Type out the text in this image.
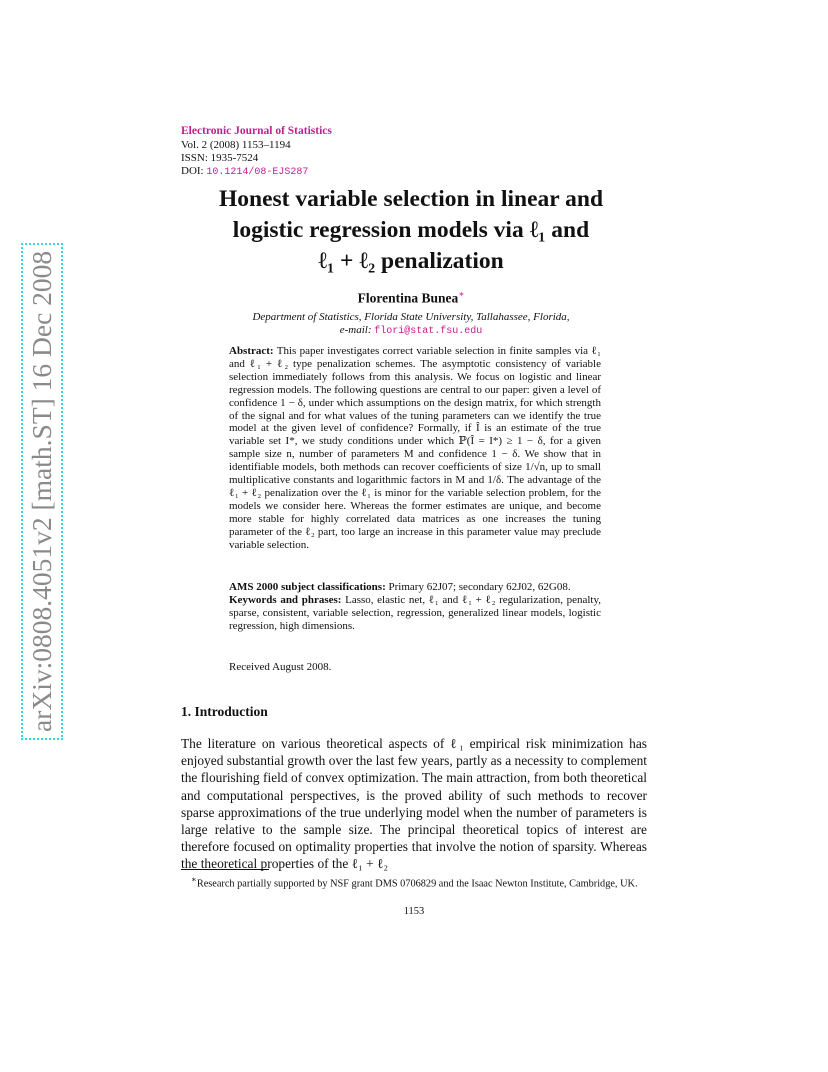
arXiv:0808.4051v2 [math.ST] 16 Dec 2008
Electronic Journal of Statistics
Vol. 2 (2008) 1153–1194
ISSN: 1935-7524
DOI: 10.1214/08-EJS287
Honest variable selection in linear and
logistic regression models via ℓ₁ and
ℓ₁ + ℓ₂ penalization
Florentina Bunea∗
Department of Statistics, Florida State University, Tallahassee, Florida,
e-mail: flori@stat.fsu.edu
Abstract: This paper investigates correct variable selection in finite samples via ℓ₁ and ℓ₁ + ℓ₂ type penalization schemes. The asymptotic consistency of variable selection immediately follows from this analysis. We focus on logistic and linear regression models. The following questions are central to our paper: given a level of confidence 1 − δ, under which assumptions on the design matrix, for which strength of the signal and for what values of the tuning parameters can we identify the true model at the given level of confidence? Formally, if Î is an estimate of the true variable set I*, we study conditions under which ℙ(Î = I*) ≥ 1 − δ, for a given sample size n, number of parameters M and confidence 1 − δ. We show that in identifiable models, both methods can recover coefficients of size 1/√n, up to small multiplicative constants and logarithmic factors in M and 1/δ. The advantage of the ℓ₁ + ℓ₂ penalization over the ℓ₁ is minor for the variable selection problem, for the models we consider here. Whereas the former estimates are unique, and become more stable for highly correlated data matrices as one increases the tuning parameter of the ℓ₂ part, too large an increase in this parameter value may preclude variable selection.
AMS 2000 subject classifications: Primary 62J07; secondary 62J02, 62G08.
Keywords and phrases: Lasso, elastic net, ℓ₁ and ℓ₁ + ℓ₂ regularization, penalty, sparse, consistent, variable selection, regression, generalized linear models, logistic regression, high dimensions.
Received August 2008.
1. Introduction
The literature on various theoretical aspects of ℓ₁ empirical risk minimization has enjoyed substantial growth over the last few years, partly as a necessity to complement the flourishing field of convex optimization. The main attraction, from both theoretical and computational perspectives, is the proved ability of such methods to recover sparse approximations of the true underlying model when the number of parameters is large relative to the sample size. The principal theoretical topics of interest are therefore focused on optimality properties that involve the notion of sparsity. Whereas the theoretical properties of the ℓ₁ + ℓ₂
∗Research partially supported by NSF grant DMS 0706829 and the Isaac Newton Institute, Cambridge, UK.
1153
